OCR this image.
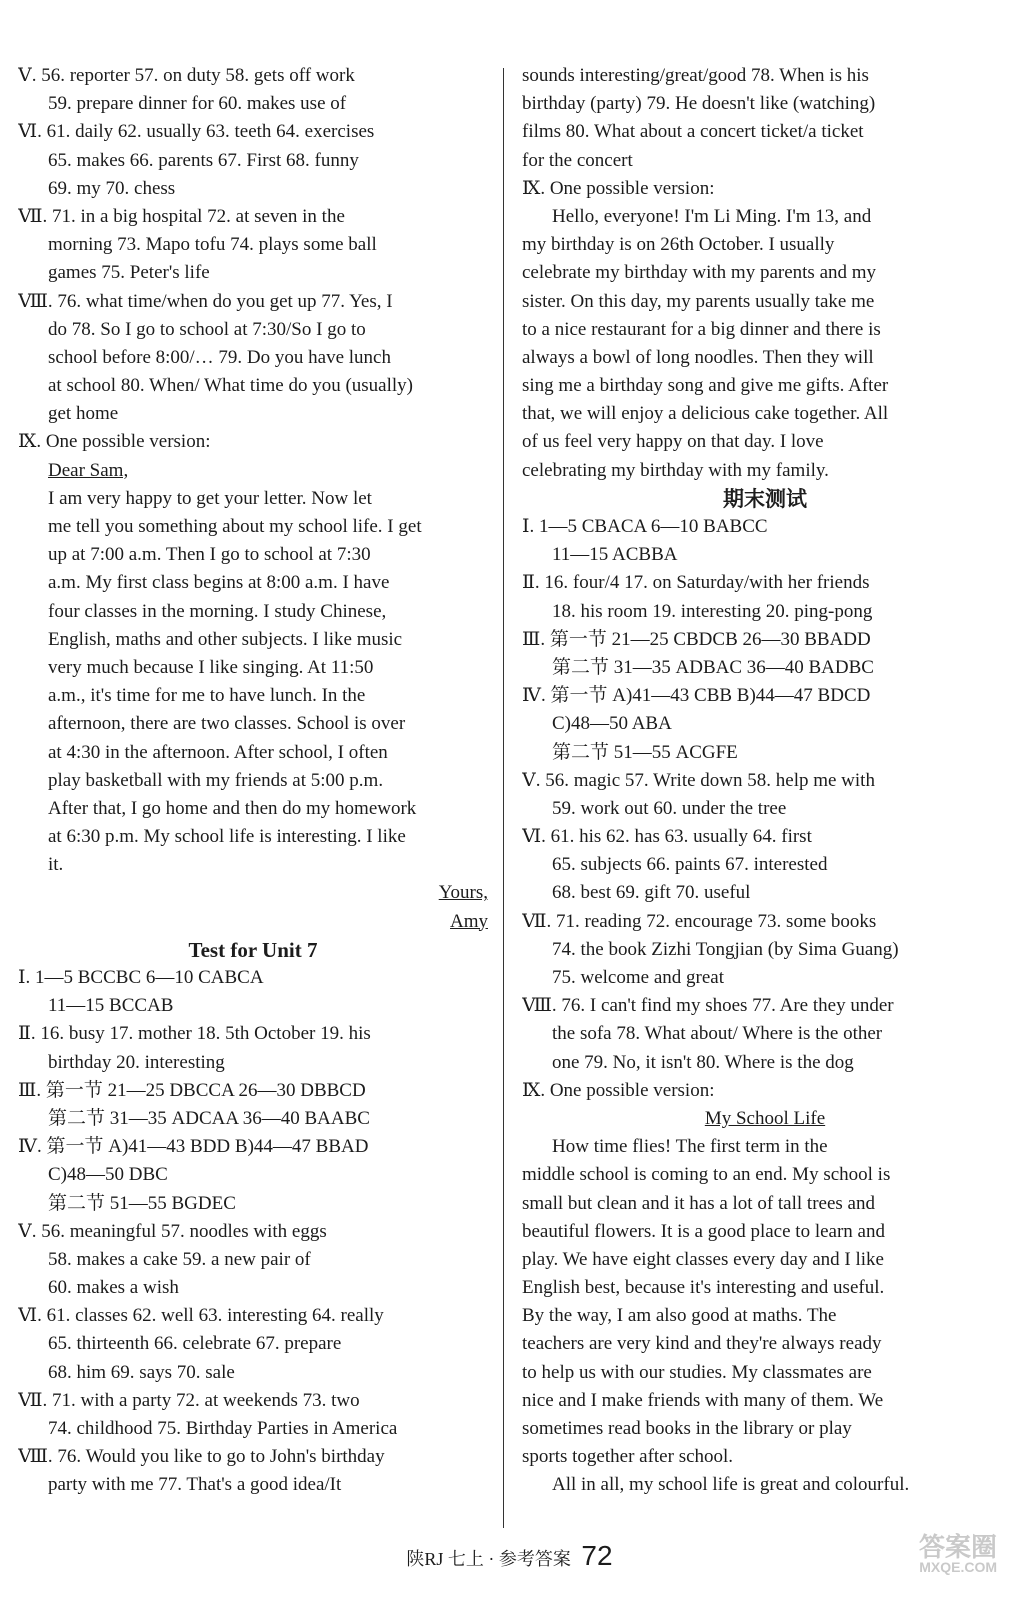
Ⅴ. 56. reporter 57. on duty 58. gets off work
59. prepare dinner for 60. makes use of
Ⅵ. 61. daily 62. usually 63. teeth 64. exercises
65. makes 66. parents 67. First 68. funny
69. my 70. chess
Ⅶ. 71. in a big hospital 72. at seven in the
morning 73. Mapo tofu 74. plays some ball
games 75. Peter's life
Ⅷ. 76. what time/when do you get up 77. Yes, I
do 78. So I go to school at 7:30/So I go to
school before 8:00/… 79. Do you have lunch
at school 80. When/ What time do you (usually)
get home
Ⅸ. One possible version:
Dear Sam,
I am very happy to get your letter. Now let
me tell you something about my school life. I get
up at 7:00 a.m. Then I go to school at 7:30
a.m. My first class begins at 8:00 a.m. I have
four classes in the morning. I study Chinese,
English, maths and other subjects. I like music
very much because I like singing. At 11:50
a.m., it's time for me to have lunch. In the
afternoon, there are two classes. School is over
at 4:30 in the afternoon. After school, I often
play basketball with my friends at 5:00 p.m.
After that, I go home and then do my homework
at 6:30 p.m. My school life is interesting. I like
it.
Yours,
Amy
Test for Unit 7
Ⅰ. 1—5 BCCBC 6—10 CABCA
11—15 BCCAB
Ⅱ. 16. busy 17. mother 18. 5th October 19. his
birthday 20. interesting
Ⅲ. 第一节 21—25 DBCCA 26—30 DBBCD
第二节 31—35 ADCAA 36—40 BAABC
Ⅳ. 第一节 A)41—43 BDD B)44—47 BBAD
C)48—50 DBC
第二节 51—55 BGDEC
Ⅴ. 56. meaningful 57. noodles with eggs
58. makes a cake 59. a new pair of
60. makes a wish
Ⅵ. 61. classes 62. well 63. interesting 64. really
65. thirteenth 66. celebrate 67. prepare
68. him 69. says 70. sale
Ⅶ. 71. with a party 72. at weekends 73. two
74. childhood 75. Birthday Parties in America
Ⅷ. 76. Would you like to go to John's birthday
party with me 77. That's a good idea/It
sounds interesting/great/good 78. When is his
birthday (party) 79. He doesn't like (watching)
films 80. What about a concert ticket/a ticket
for the concert
Ⅸ. One possible version:
Hello, everyone! I'm Li Ming. I'm 13, and
my birthday is on 26th October. I usually
celebrate my birthday with my parents and my
sister. On this day, my parents usually take me
to a nice restaurant for a big dinner and there is
always a bowl of long noodles. Then they will
sing me a birthday song and give me gifts. After
that, we will enjoy a delicious cake together. All
of us feel very happy on that day. I love
celebrating my birthday with my family.
期末测试
Ⅰ. 1—5 CBACA 6—10 BABCC
11—15 ACBBA
Ⅱ. 16. four/4 17. on Saturday/with her friends
18. his room 19. interesting 20. ping-pong
Ⅲ. 第一节 21—25 CBDCB 26—30 BBADD
第二节 31—35 ADBAC 36—40 BADBC
Ⅳ. 第一节 A)41—43 CBB B)44—47 BDCD
C)48—50 ABA
第二节 51—55 ACGFE
Ⅴ. 56. magic 57. Write down 58. help me with
59. work out 60. under the tree
Ⅵ. 61. his 62. has 63. usually 64. first
65. subjects 66. paints 67. interested
68. best 69. gift 70. useful
Ⅶ. 71. reading 72. encourage 73. some books
74. the book Zizhi Tongjian (by Sima Guang)
75. welcome and great
Ⅷ. 76. I can't find my shoes 77. Are they under
the sofa 78. What about/ Where is the other
one 79. No, it isn't 80. Where is the dog
Ⅸ. One possible version:
My School Life
How time flies! The first term in the
middle school is coming to an end. My school is
small but clean and it has a lot of tall trees and
beautiful flowers. It is a good place to learn and
play. We have eight classes every day and I like
English best, because it's interesting and useful.
By the way, I am also good at maths. The
teachers are very kind and they're always ready
to help us with our studies. My classmates are
nice and I make friends with many of them. We
sometimes read books in the library or play
sports together after school.
All in all, my school life is great and colourful.
陕RJ 七上 · 参考答案 72	答案圈
MXQE.COM
